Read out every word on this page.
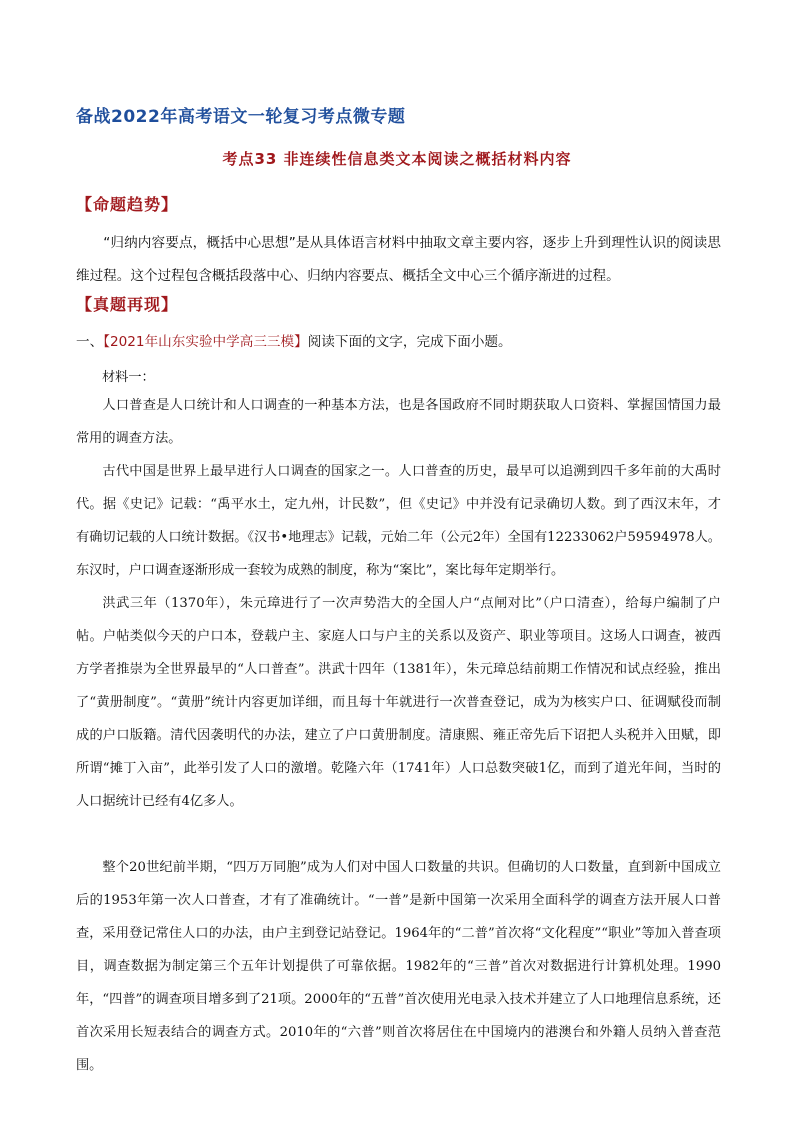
备战2022年高考语文一轮复习考点微专题
考点33 非连续性信息类文本阅读之概括材料内容
【命题趋势】
“归纳内容要点，概括中心思想”是从具体语言材料中抽取文章主要内容，逐步上升到理性认识的阅读思维过程。这个过程包含概括段落中心、归纳内容要点、概括全文中心三个循序渐进的过程。
【真题再现】
一、【2021年山东实验中学高三三模】阅读下面的文字，完成下面小题。
材料一：
人口普查是人口统计和人口调查的一种基本方法，也是各国政府不同时期获取人口资料、掌握国情国力最常用的调查方法。
古代中国是世界上最早进行人口调查的国家之一。人口普查的历史，最早可以追溯到四千多年前的大禹时代。据《史记》记载：“禹平水土，定九州，计民数”，但《史记》中并没有记录确切人数。到了西汉末年，才有确切记载的人口统计数据。《汉书•地理志》记载，元始二年（公元2年）全国有12233062户59594978人。东汉时，户口调查逐渐形成一套较为成熟的制度，称为“案比”，案比每年定期举行。
洪武三年（1370年），朱元璋进行了一次声势浩大的全国人户“点闸对比”（户口清查），给每户编制了户帖。户帖类似今天的户口本，登载户主、家庭人口与户主的关系以及资产、职业等项目。这场人口调查，被西方学者推崇为全世界最早的“人口普查”。洪武十四年（1381年），朱元璋总结前期工作情况和试点经验，推出了“黄册制度”。“黄册”统计内容更加详细，而且每十年就进行一次普查登记，成为为核实户口、征调赋役而制成的户口版籍。清代因袭明代的办法，建立了户口黄册制度。清康熙、雍正帝先后下诏把人头税并入田赋，即所谓“摊丁入亩”，此举引发了人口的激增。乾隆六年（1741年）人口总数突破1亿，而到了道光年间，当时的人口据统计已经有4亿多人。
整个20世纪前半期，“四万万同胞”成为人们对中国人口数量的共识。但确切的人口数量，直到新中国成立后的1953年第一次人口普查，才有了准确统计。“一普”是新中国第一次采用全面科学的调查方法开展人口普查，采用登记常住人口的办法，由户主到登记站登记。1964年的“二普”首次将“文化程度”“职业”等加入普查项目，调查数据为制定第三个五年计划提供了可靠依据。1982年的“三普”首次对数据进行计算机处理。1990年，“四普”的调查项目增多到了21项。2000年的“五普”首次使用光电录入技术并建立了人口地理信息系统，还首次采用长短表结合的调查方式。2010年的“六普”则首次将居住在中国境内的港澳台和外籍人员纳入普查范围。
